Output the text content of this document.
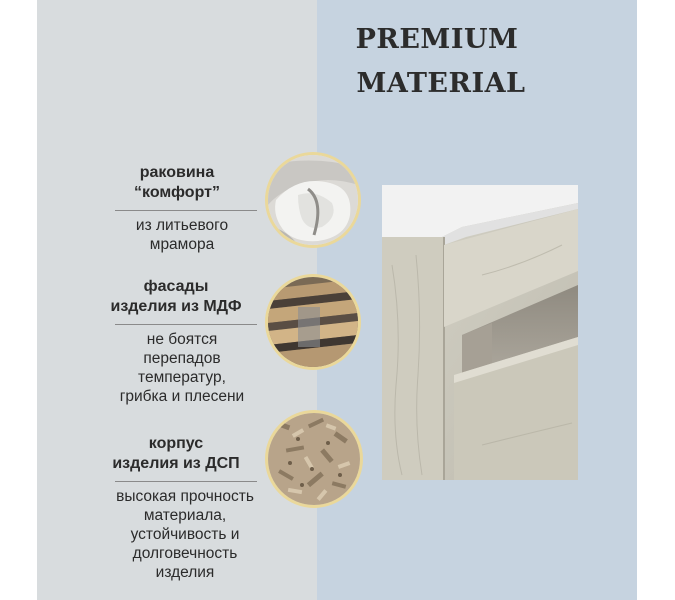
PREMIUM
MATERIAL
раковина
“комфорт”
из литьевого
мрамора
фасады
изделия из МДФ
не боятся
перепадов
температур,
грибка и плесени
корпус
изделия из ДСП
высокая прочность
материала,
устойчивость и
долговечность
изделия
